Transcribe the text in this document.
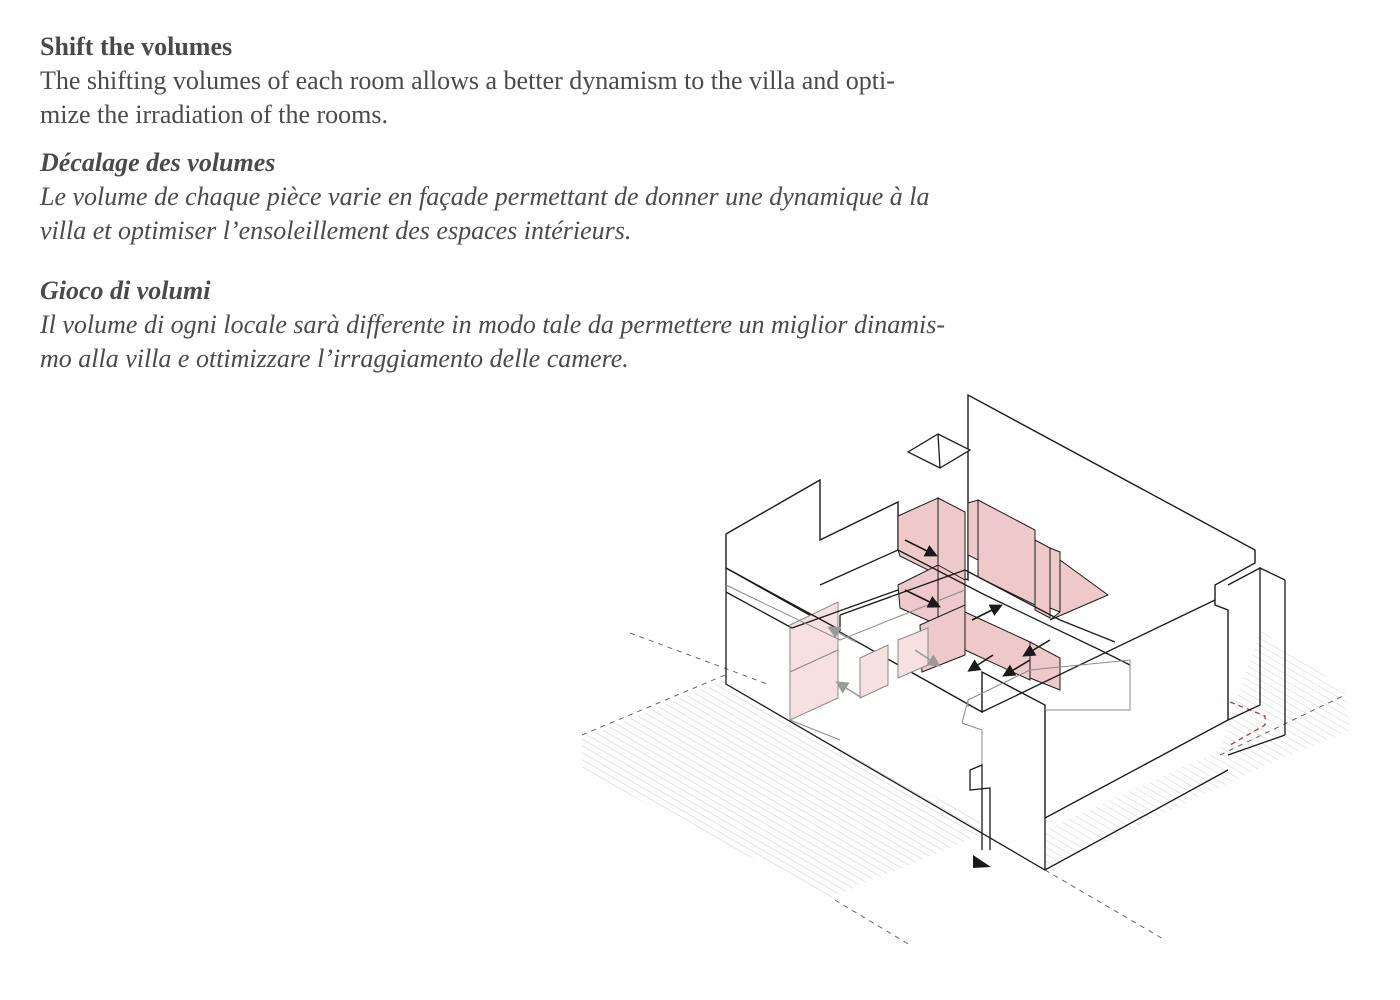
Shift the volumes

The shifting volumes of each room allows a better dynamism to the villa and opti-
mize the irradiation of the rooms.

Décalage des volumes

Le volume de chaque pièce varie en façade permettant de donner une dynamique à la
villa et optimiser l’ensoleillement des espaces intérieurs.

Gioco di volumi

Il volume di ogni locale sarà differente in modo tale da permettere un miglior dinamis-
mo alla villa e ottimizzare l’irraggiamento delle camere.
